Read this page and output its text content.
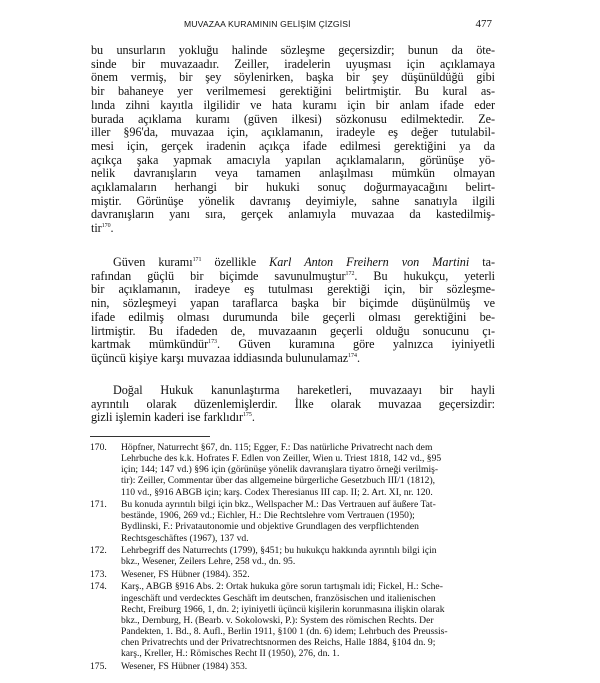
MUVAZAA KURAMININ GELİŞİM ÇİZGİSİ	477
bu unsurların yokluğu halinde sözleşme geçersizdir; bunun da öte-
sinde bir muvazaadır. Zeiller, iradelerin uyuşması için açıklamaya
önem vermiş, bir şey söylenirken, başka bir şey düşünüldüğü gibi
bir bahaneye yer verilmemesi gerektiğini belirtmiştir. Bu kural as-
lında zihni kayıtla ilgilidir ve hata kuramı için bir anlam ifade eder
burada açıklama kuramı (güven ilkesi) sözkonusu edilmektedir. Ze-
iller §96'da, muvazaa için, açıklamanın, iradeyle eş değer tutulabil-
mesi için, gerçek iradenin açıkça ifade edilmesi gerektiğini ya da
açıkça şaka yapmak amacıyla yapılan açıklamaların, görünüşe yö-
nelik davranışların veya tamamen anlaşılması mümkün olmayan
açıklamaların herhangi bir hukuki sonuç doğurmayacağını belirt-
miştir. Görünüşe yönelik davranış deyimiyle, sahne sanatıyla ilgili
davranışların yanı sıra, gerçek anlamıyla muvazaa da kastedilmiş-
tir$^{170}$.
Güven kuramı$^{171}$ özellikle Karl Anton Freihern von Martini ta-
rafından güçlü bir biçimde savunulmuştur$^{172}$. Bu hukukçu, yeterli
bir açıklamanın, iradeye eş tutulması gerektiği için, bir sözleşme-
nin, sözleşmeyi yapan taraflarca başka bir biçimde düşünülmüş ve
ifade edilmiş olması durumunda bile geçerli olması gerektiğini be-
lirtmiştir. Bu ifadeden de, muvazaanın geçerli olduğu sonucunu çı-
kartmak mümkündür$^{173}$. Güven kuramına göre yalnızca iyiniyetli
üçüncü kişiye karşı muvazaa iddiasında bulunulamaz$^{174}$.
Doğal Hukuk kanunlaştırma hareketleri, muvazaayı bir hayli
ayrıntılı olarak düzenlemişlerdir. İlke olarak muvazaa geçersizdir:
gizli işlemin kaderi ise farklıdır$^{175}$.
170. Höpfner, Naturrecht §67, dn. 115; Egger, F.: Das natürliche Privatrecht nach dem
Lehrbuche des k.k. Hofrates F. Edlen von Zeiller, Wien u. Triest 1818, 142 vd., §95
için; 144; 147 vd.) §96 için (görünüşe yönelik davranışlara tiyatro örneği verilmiş-
tir): Zeiller, Commentar über das allgemeine bürgerliche Gesetzbuch III/1 (1812),
110 vd., §916 ABGB için; karş. Codex Theresianus III cap. II; 2. Art. XI, nr. 120.
171. Bu konuda ayrıntılı bilgi için bkz., Wellspacher M.: Das Vertrauen auf äußere Tat-
bestände, 1906, 269 vd.; Eichler, H.: Die Rechtslehre vom Vertrauen (1950);
Bydlinski, F.: Privatautonomie und objektive Grundlagen des verpflichtenden
Rechtsgeschäftes (1967), 137 vd.
172. Lehrbegriff des Naturrechts (1799), §451; bu hukukçu hakkında ayrıntılı bilgi için
bkz., Wesener, Zeilers Lehre, 258 vd., dn. 95.
173. Wesener, FS Hübner (1984). 352.
174. Karş., ABGB §916 Abs. 2: Ortak hukuka göre sorun tartışmalı idi; Fickel, H.: Sche-
ingeschäft und verdecktes Geschäft im deutschen, französischen und italienischen
Recht, Freiburg 1966, 1, dn. 2; iyiniyetli üçüncü kişilerin korunmasına ilişkin olarak
bkz., Dernburg, H. (Bearb. v. Sokolowski, P.): System des römischen Rechts. Der
Pandekten, 1. Bd., 8. Aufl., Berlin 1911, §100 1 (dn. 6) idem; Lehrbuch des Preussis-
chen Privatrechts und der Privatrechtsnormen des Reichs, Halle 1884, §104 dn. 9;
karş., Kreller, H.: Römisches Recht II (1950), 276, dn. 1.
175. Wesener, FS Hübner (1984) 353.
